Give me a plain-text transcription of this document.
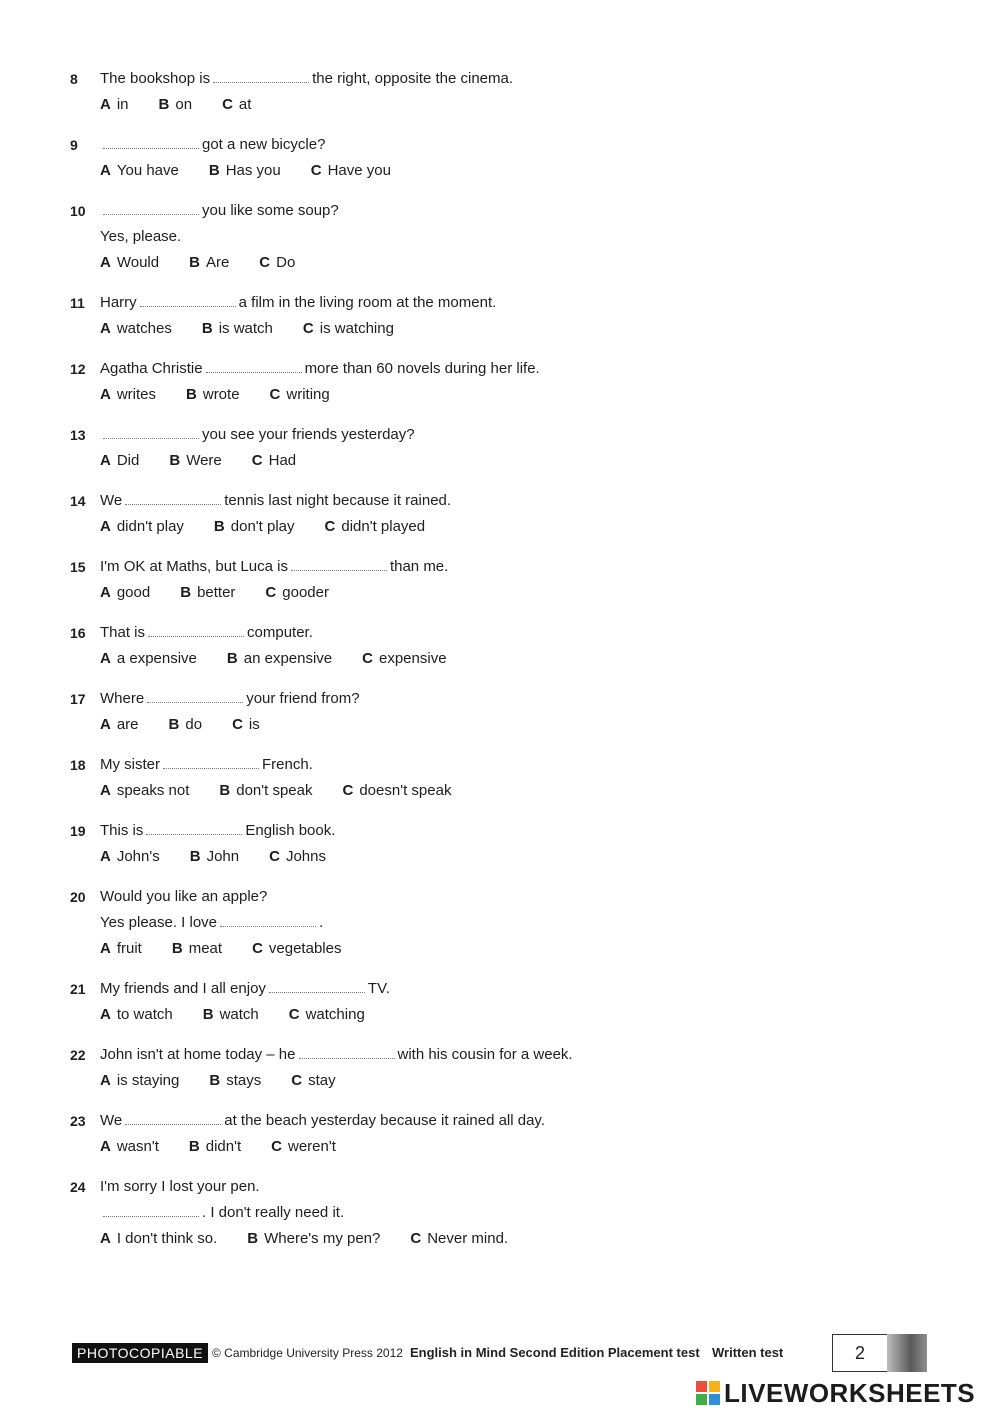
8 The bookshop is	the right, opposite the cinema.
A in B on C at
9	got a new bicycle?
A You have B Has you C Have you
10	you like some soup?
Yes, please.
A Would B Are C Do
11 Harry	a film in the living room at the moment.
A watches B is watch C is watching
12 Agatha Christie	more than 60 novels during her life.
A writes B wrote C writing
13	you see your friends yesterday?
A Did B Were C Had
14 We	tennis last night because it rained.
A didn't play B don't play C didn't played
15 I'm OK at Maths, but Luca is	than me.
A good B better C gooder
16 That is	computer.
A a expensive B an expensive C expensive
17 Where	your friend from?
A are B do C is
18 My sister	French.
A speaks not B don't speak C doesn't speak
19 This is	English book.
A John's B John C Johns
20 Would you like an apple?
Yes please. I love	.
A fruit B meat C vegetables
21 My friends and I all enjoy	TV.
A to watch B watch C watching
22 John isn't at home today – he	with his cousin for a week.
A is staying B stays C stay
23 We	at the beach yesterday because it rained all day.
A wasn't B didn't C weren't
24 I'm sorry I lost your pen.
. I don't really need it.
A I don't think so. B Where's my pen? C Never mind.
PHOTOCOPIABLE © Cambridge University Press 2012 English in Mind Second Edition Placement test Written test	2
LIVEWORKSHEETS
